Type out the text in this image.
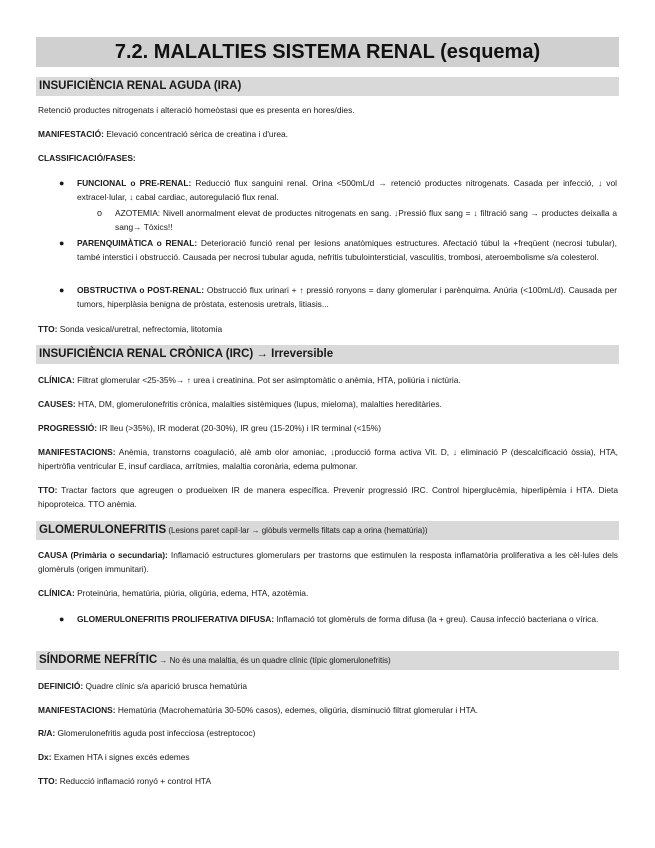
7.2. MALALTIES SISTEMA RENAL (esquema)
INSUFICIÈNCIA RENAL AGUDA (IRA)
Retenció productes nitrogenats i alteració homeòstasi que es presenta en hores/dies.
MANIFESTACIÓ: Elevació concentració sèrica de creatina i d'urea.
CLASSIFICACIÓ/FASES:
● FUNCIONAL o PRE-RENAL: Reducció flux sanguini renal. Orina <500mL/d → retenció productes nitrogenats. Casada per infecció, ↓ vol extracel·lular, ↓ cabal cardiac, autoregulació flux renal.
o AZOTEMIA: Nivell anormalment elevat de productes nitrogenats en sang. ↓Pressió flux sang = ↓ filtració sang → productes deixalla a sang→ Tòxics!!
● PARENQUIMÀTICA o RENAL: Deterioració funció renal per lesions anatòmiques estructures. Afectació túbul la +freqüent (necrosi tubular), també interstici i obstrucció. Causada per necrosi tubular aguda, nefritis tubulointersticial, vasculitis, trombosi, ateroembolisme s/a colesterol.
● OBSTRUCTIVA o POST-RENAL: Obstrucció flux urinari + ↑ pressió ronyons = dany glomerular i parènquima. Anúria (<100mL/d). Causada per tumors, hiperplàsia benigna de pròstata, estenosis uretrals, litiasis...
TTO: Sonda vesical/uretral, nefrectomia, litotomia
INSUFICIÈNCIA RENAL CRÒNICA (IRC) → Irreversible
CLÍNICA: Filtrat glomerular <25-35%→ ↑ urea i creatinina. Pot ser asimptomàtic o anèmia, HTA, poliúria i nictúria.
CAUSES: HTA, DM, glomerulonefritis crònica, malalties sistèmiques (lupus, mieloma), malalties hereditàries.
PROGRESSIÓ: IR lleu (>35%), IR moderat (20-30%), IR greu (15-20%) i IR terminal (<15%)
MANIFESTACIONS: Anèmia, transtorns coagulació, alè amb olor amoniac, ↓producció forma activa Vit. D, ↓ eliminació P (descalcificació òssia), HTA, hipertròfia ventricular E, insuf cardiaca, arrítmies, malaltia coronària, edema pulmonar.
TTO: Tractar factors que agreugen o produeixen IR de manera específica. Prevenir progressió IRC. Control hiperglucèmia, hiperlipèmia i HTA. Dieta hipoproteica. TTO anèmia.
GLOMERULONEFRITIS (Lesions paret capil·lar → glòbuls vermells filtats cap a orina (hematúria))
CAUSA (Primària o secundaria): Inflamació estructures glomerulars per trastorns que estimulen la resposta inflamatòria proliferativa a les cèl·lules dels glomèruls (origen immunitari).
CLÍNICA: Proteinúria, hematúria, piúria, oligúria, edema, HTA, azotèmia.
● GLOMERULONEFRITIS PROLIFERATIVA DIFUSA: Inflamació tot glomèruls de forma difusa (la + greu). Causa infecció bacteriana o vírica.
SÍNDORME NEFRÍTIC → No és una malaltia, és un quadre clínic (típic glomerulonefritis)
DEFINICIÓ: Quadre clínic s/a aparició brusca hematúria
MANIFESTACIONS: Hematúria (Macrohematúria 30-50% casos), edemes, oligúria, disminució filtrat glomerular i HTA.
R/A: Glomerulonefritis aguda post infecciosa (estreptococ)
Dx: Examen HTA i signes excés edemes
TTO: Reducció inflamació ronyó + control HTA
